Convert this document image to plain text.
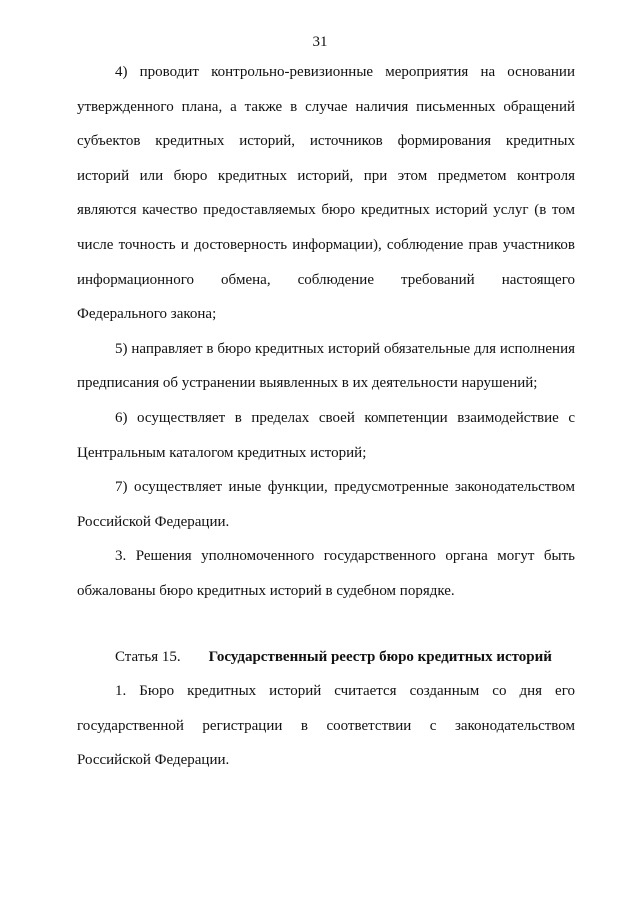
31

4) проводит контрольно-ревизионные мероприятия на основании утвержденного плана, а также в случае наличия письменных обращений субъектов кредитных историй, источников формирования кредитных историй или бюро кредитных историй, при этом предметом контроля являются качество предоставляемых бюро кредитных историй услуг (в том числе точность и достоверность информации), соблюдение прав участников информационного обмена, соблюдение требований настоящего Федерального закона;

5) направляет в бюро кредитных историй обязательные для исполнения предписания об устранении выявленных в их деятельности нарушений;

6) осуществляет в пределах своей компетенции взаимодействие с Центральным каталогом кредитных историй;

7) осуществляет иные функции, предусмотренные законодательством Российской Федерации.

3. Решения уполномоченного государственного органа могут быть обжалованы бюро кредитных историй в судебном порядке.

Статья 15. Государственный реестр бюро кредитных историй

1. Бюро кредитных историй считается созданным со дня его государственной регистрации в соответствии с законодательством Российской Федерации.
